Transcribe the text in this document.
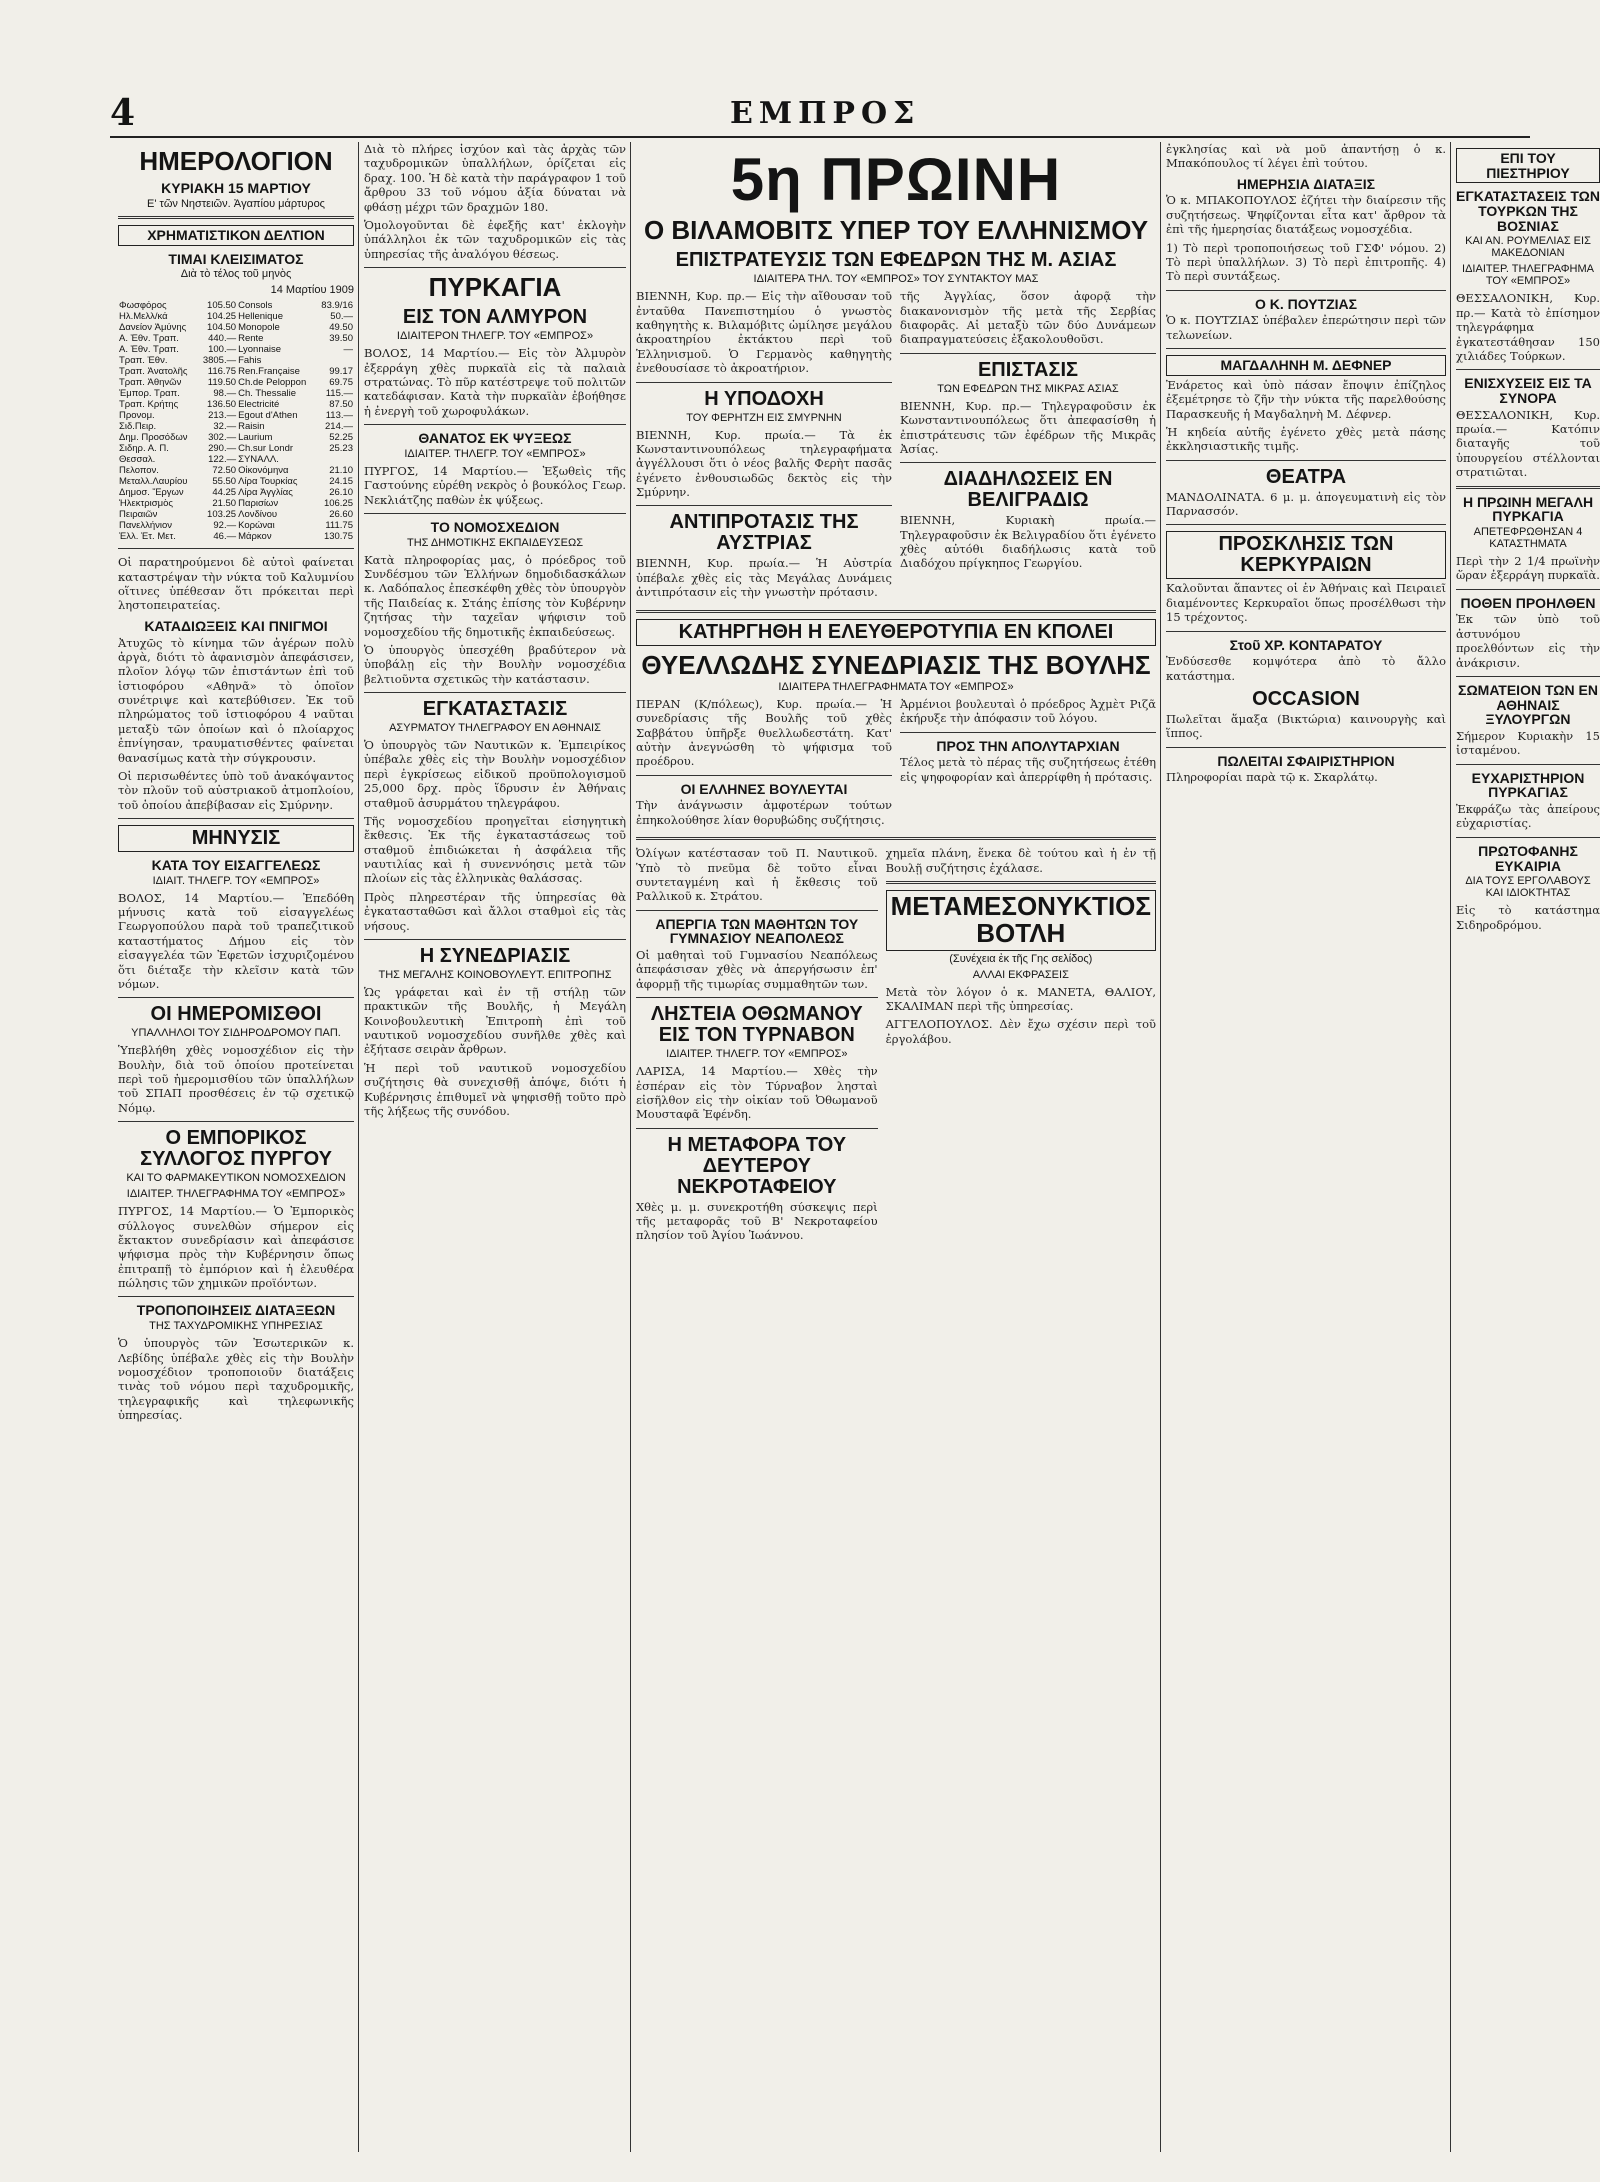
4	ΕΜΠΡΟΣ
ΗΜΕΡΟΛΟΓΙΟΝ
ΚΥΡΙΑΚΗ 15 ΜΑΡΤΙΟΥ
Ε' τῶν Νηστειῶν. Ἀγαπίου μάρτυρος
ΧΡΗΜΑΤΙΣΤΙΚΟΝ ΔΕΛΤΙΟΝ
ΤΙΜΑΙ ΚΛΕΙΣΙΜΑΤΟΣ
Διὰ τὸ τέλος τοῦ μηνὸς
14 Μαρτίου 1909
Φωσφόρος	105.50	Consols	83.9/16
Ηλ.Μελλ/κά	104.25	Hellenique	50.—
Δανείον Ἀμύνης	104.50	Monopole	49.50
Α. Ἐθν. Τραπ.	440.—	Rente	39.50
Α. Ἐθν. Τραπ.	100.—	Lyonnaise	—
Τραπ. Ἐθν.	3805.—	Fahis	
Τραπ. Ἀνατολῆς	116.75	Ren.Française	99.17
Τραπ. Ἀθηνῶν	119.50	Ch.de Peloppon	69.75
Ἐμπορ. Τραπ.	98.—	Ch. Thessalie	115.—
Τραπ. Κρήτης	136.50	Electricité	87.50
Προνομ.	213.—	Egout d'Athen	113.—
Σιδ.Πειρ.	32.—	Raisin	214.—
Δημ. Προσόδων	302.—	Laurium	52.25
Σιδηρ. Α. Π.	290.—	Ch.sur Londr	25.23
Θεσσαλ.	122.—	ΣΥΝΑΛΛ.	
Πελοπον.	72.50	Οἰκονόμηνα	21.10
Μεταλλ.Λαυρίου	55.50	Λίρα Τουρκίας	24.15
Δημοσ. Ἔργων	44.25	Λίρα Ἀγγλίας	26.10
Ἠλεκτρισμὸς	21.50	Παρισίων	106.25
Πειραιῶν	103.25	Λονδίνου	26.60
Πανελλήνιον	92.—	Κορώναι	111.75
Ἑλλ. Ἐτ. Μετ.	46.—	Μάρκον	130.75

Οἱ παρατηρούμενοι δὲ αὐτοὶ φαίνεται καταστρέψαν τὴν νύκτα τοῦ Καλυμνίου οἵτινες ὑπέθεσαν ὅτι πρόκειται περὶ ληστοπειρατείας.

ΚΑΤΑΔΙΩΞΕΙΣ ΚΑΙ ΠΝΙΓΜΟΙ

Ἀτυχῶς τὸ κίνημα τῶν ἀγέρων πολὺ ἀργὰ, διότι τὸ ἀφανισμὸν ἀπεφάσισεν, πλοῖον λόγῳ τῶν ἐπιστάντων ἐπὶ τοῦ ἱστιοφόρου «Αθηνᾶ» τὸ ὁποῖον συνέτριψε καὶ κατεβύθισεν. Ἐκ τοῦ πληρώματος τοῦ ἱστιοφόρου 4 ναῦται μεταξὺ τῶν ὁποίων καὶ ὁ πλοίαρχος ἐπνίγησαν, τραυματισθέντες φαίνεται θανασίμως κατὰ τὴν σύγκρουσιν.

Οἱ περισωθέντες ὑπὸ τοῦ ἀνακόψαντος τὸν πλοῦν τοῦ αὐστριακοῦ ἀτμοπλοίου, τοῦ ὁποίου ἀπεβίβασαν εἰς Σμύρνην.

ΜΗΝΥΣΙΣ
ΚΑΤΑ ΤΟΥ ΕΙΣΑΓΓΕΛΕΩΣ
ΙΔΙΑΙΤ. ΤΗΛΕΓΡ. ΤΟΥ «ΕΜΠΡΟΣ»

ΒΟΛΟΣ, 14 Μαρτίου.— Ἐπεδόθη μήνυσις κατὰ τοῦ εἰσαγγελέως Γεωργοπούλου παρὰ τοῦ τραπεζιτικοῦ καταστήματος Δήμου εἰς τὸν εἰσαγγελέα τῶν Ἐφετῶν ἰσχυριζομένου ὅτι διέταξε τὴν κλεῖσιν κατὰ τῶν νόμων.

ΟΙ ΗΜΕΡΟΜΙΣΘΟΙ
ΥΠΑΛΛΗΛΟΙ ΤΟΥ ΣΙΔΗΡΟΔΡΟΜΟΥ ΠΑΠ.

Ὑπεβλήθη χθὲς νομοσχέδιον εἰς τὴν Βουλὴν, διὰ τοῦ ὁποίου προτείνεται περὶ τοῦ ἡμερομισθίου τῶν ὑπαλλήλων τοῦ ΣΠΑΠ προσθέσεις ἐν τῷ σχετικῷ Νόμῳ.

Ο ΕΜΠΟΡΙΚΟΣ ΣΥΛΛΟΓΟΣ ΠΥΡΓΟΥ
ΚΑΙ ΤΟ ΦΑΡΜΑΚΕΥΤΙΚΟΝ ΝΟΜΟΣΧΕΔΙΟΝ
ΙΔΙΑΙΤΕΡ. ΤΗΛΕΓΡΑΦΗΜΑ ΤΟΥ «ΕΜΠΡΟΣ»

ΠΥΡΓΟΣ, 14 Μαρτίου.— Ὁ Ἐμπορικὸς σύλλογος συνελθὼν σήμερον εἰς ἔκτακτον συνεδρίασιν καὶ ἀπεφάσισε ψήφισμα πρὸς τὴν Κυβέρνησιν ὅπως ἐπιτραπῇ τὸ ἐμπόριον καὶ ἡ ἐλευθέρα πώλησις τῶν χημικῶν προϊόντων.

ΤΡΟΠΟΠΟΙΗΣΕΙΣ ΔΙΑΤΑΞΕΩΝ
ΤΗΣ ΤΑΧΥΔΡΟΜΙΚΗΣ ΥΠΗΡΕΣΙΑΣ

Ὁ ὑπουργὸς τῶν Ἐσωτερικῶν κ. Λεβίδης ὑπέβαλε χθὲς εἰς τὴν Βουλὴν νομοσχέδιον τροποποιοῦν διατάξεις τινὰς τοῦ νόμου περὶ ταχυδρομικῆς, τηλεγραφικῆς καὶ τηλεφωνικῆς ὑπηρεσίας.

Διὰ τὸ πλήρες ἰσχύον καὶ τὰς ἀρχὰς τῶν ταχυδρομικῶν ὑπαλλήλων, ὁρίζεται εἰς δραχ. 100. Ἡ δὲ κατὰ τὴν παράγραφον 1 τοῦ ἄρθρου 33 τοῦ νόμου ἀξία δύναται νὰ φθάσῃ μέχρι τῶν δραχμῶν 180.

Ὁμολογοῦνται δὲ ἐφεξῆς κατ' ἐκλογὴν ὑπάλληλοι ἐκ τῶν ταχυδρομικῶν εἰς τὰς ὑπηρεσίας τῆς ἀναλόγου θέσεως.

ΠΥΡΚΑΓΙΑ
ΕΙΣ ΤΟΝ ΑΛΜΥΡΟΝ
ΙΔΙΑΙΤΕΡΟΝ ΤΗΛΕΓΡ. ΤΟΥ «ΕΜΠΡΟΣ»

ΒΟΛΟΣ, 14 Μαρτίου.— Εἰς τὸν Ἀλμυρὸν ἐξερράγη χθὲς πυρκαϊὰ εἰς τὰ παλαιὰ στρατώνας. Τὸ πῦρ κατέστρεψε τοῦ πολιτῶν κατεδάφισαν. Κατὰ τὴν πυρκαϊὰν ἐβοήθησε ἡ ἐνεργὴ τοῦ χωροφυλάκων.

ΘΑΝΑΤΟΣ ΕΚ ΨΥΞΕΩΣ
ΙΔΙΑΙΤΕΡ. ΤΗΛΕΓΡ. ΤΟΥ «ΕΜΠΡΟΣ»

ΠΥΡΓΟΣ, 14 Μαρτίου.— Ἐξωθεὶς τῆς Γαστούνης εὑρέθη νεκρὸς ὁ βουκόλος Γεωρ. Νεκλιάτζης παθὼν ἐκ ψύξεως.

ΤΟ ΝΟΜΟΣΧΕΔΙΟΝ
ΤΗΣ ΔΗΜΟΤΙΚΗΣ ΕΚΠΑΙΔΕΥΣΕΩΣ

Κατὰ πληροφορίας μας, ὁ πρόεδρος τοῦ Συνδέσμου τῶν Ἑλλήνων δημοδιδασκάλων κ. Λαδόπαλος ἐπεσκέφθη χθὲς τὸν ὑπουργὸν τῆς Παιδείας κ. Στάης ἐπίσης τὸν Κυβέρνην ζητήσας τὴν ταχεῖαν ψήφισιν τοῦ νομοσχεδίου τῆς δημοτικῆς ἐκπαιδεύσεως.

Ὁ ὑπουργὸς ὑπεσχέθη βραδύτερον νὰ ὑποβάλῃ εἰς τὴν Βουλὴν νομοσχέδια βελτιοῦντα σχετικῶς τὴν κατάστασιν.

ΕΓΚΑΤΑΣΤΑΣΙΣ
ΑΣΥΡΜΑΤΟΥ ΤΗΛΕΓΡΑΦΟΥ ΕΝ ΑΘΗΝΑΙΣ

Ὁ ὑπουργὸς τῶν Ναυτικῶν κ. Ἐμπειρίκος ὑπέβαλε χθὲς εἰς τὴν Βουλὴν νομοσχέδιον περὶ ἐγκρίσεως εἰδικοῦ προϋπολογισμοῦ 25,000 δρχ. πρὸς ἵδρυσιν ἐν Ἀθήναις σταθμοῦ ἀσυρμάτου τηλεγράφου.

Τῆς νομοσχεδίου προηγεῖται εἰσηγητικὴ ἔκθεσις. Ἐκ τῆς ἐγκαταστάσεως τοῦ σταθμοῦ ἐπιδιώκεται ἡ ἀσφάλεια τῆς ναυτιλίας καὶ ἡ συνεννόησις μετὰ τῶν πλοίων εἰς τὰς ἑλληνικὰς θαλάσσας.

Πρὸς πληρεστέραν τῆς ὑπηρεσίας θὰ ἐγκατασταθῶσι καὶ ἄλλοι σταθμοὶ εἰς τὰς νήσους.

Η ΣΥΝΕΔΡΙΑΣΙΣ
ΤΗΣ ΜΕΓΑΛΗΣ ΚΟΙΝΟΒΟΥΛΕΥΤ. ΕΠΙΤΡΟΠΗΣ

Ὡς γράφεται καὶ ἐν τῇ στήλῃ τῶν πρακτικῶν τῆς Βουλῆς, ἡ Μεγάλη Κοινοβουλευτικὴ Ἐπιτροπὴ ἐπὶ τοῦ ναυτικοῦ νομοσχεδίου συνῆλθε χθὲς καὶ ἐξήτασε σειρὰν ἄρθρων.

Ἡ περὶ τοῦ ναυτικοῦ νομοσχεδίου συζήτησις θὰ συνεχισθῇ ἀπόψε, διότι ἡ Κυβέρνησις ἐπιθυμεῖ νὰ ψηφισθῇ τοῦτο πρὸ τῆς λήξεως τῆς συνόδου.

5η ΠΡΩΙΝΗ
Ο ΒΙΛΑΜΟΒΙΤΣ ΥΠΕΡ ΤΟΥ ΕΛΛΗΝΙΣΜΟΥ
ΕΠΙΣΤΡΑΤΕΥΣΙΣ ΤΩΝ ΕΦΕΔΡΩΝ ΤΗΣ Μ. ΑΣΙΑΣ
ΙΔΙΑΙΤΕΡΑ ΤΗΛ. ΤΟΥ «ΕΜΠΡΟΣ» ΤΟΥ ΣΥΝΤΑΚΤΟΥ ΜΑΣ

ΒΙΕΝΝΗ, Κυρ. πρ.— Εἰς τὴν αἴθουσαν τοῦ ἐνταῦθα Πανεπιστημίου ὁ γνωστὸς καθηγητὴς κ. Βιλαμόβιτς ὡμίλησε μεγάλου ἀκροατηρίου ἐκτάκτου περὶ τοῦ Ἑλληνισμοῦ. Ὁ Γερμανὸς καθηγητὴς ἐνεθουσίασε τὸ ἀκροατήριον.

Η ΥΠΟΔΟΧΗ
ΤΟΥ ΦΕΡΗΤΖΗ ΕΙΣ ΣΜΥΡΝΗΝ

ΒΙΕΝΝΗ, Κυρ. πρωία.— Τὰ ἐκ Κωνσταντινουπόλεως τηλεγραφήματα ἀγγέλλουσι ὅτι ὁ νέος βαλῆς Φερὴτ πασᾶς ἐγένετο ἐνθουσιωδῶς δεκτὸς εἰς τὴν Σμύρνην.

ΑΝΤΙΠΡΟΤΑΣΙΣ ΤΗΣ ΑΥΣΤΡΙΑΣ

ΒΙΕΝΝΗ, Κυρ. πρωία.— Ἡ Αὐστρία ὑπέβαλε χθὲς εἰς τὰς Μεγάλας Δυνάμεις ἀντιπρότασιν εἰς τὴν γνωστὴν πρότασιν.

τῆς Ἀγγλίας, ὅσον ἀφορᾷ τὴν διακανονισμὸν τῆς μετὰ τῆς Σερβίας διαφορᾶς. Αἱ μεταξὺ τῶν δύο Δυνάμεων διαπραγματεύσεις ἐξακολουθοῦσι.

ΕΠΙΣΤΑΣΙΣ
ΤΩΝ ΕΦΕΔΡΩΝ ΤΗΣ ΜΙΚΡΑΣ ΑΣΙΑΣ

ΒΙΕΝΝΗ, Κυρ. πρ.— Τηλεγραφοῦσιν ἐκ Κωνσταντινουπόλεως ὅτι ἀπεφασίσθη ἡ ἐπιστράτευσις τῶν ἐφέδρων τῆς Μικρᾶς Ἀσίας.

ΔΙΑΔΗΛΩΣΕΙΣ ΕΝ ΒΕΛΙΓΡΑΔΙΩ

ΒΙΕΝΝΗ, Κυριακὴ πρωία.— Τηλεγραφοῦσιν ἐκ Βελιγραδίου ὅτι ἐγένετο χθὲς αὐτόθι διαδήλωσις κατὰ τοῦ Διαδόχου πρίγκηπος Γεωργίου.

ΚΑΤΗΡΓΗΘΗ Η ΕΛΕΥΘΕΡΟΤΥΠΙΑ ΕΝ ΚΠΟΛΕΙ
ΘΥΕΛΛΩΔΗΣ ΣΥΝΕΔΡΙΑΣΙΣ ΤΗΣ ΒΟΥΛΗΣ
ΙΔΙΑΙΤΕΡΑ ΤΗΛΕΓΡΑΦΗΜΑΤΑ ΤΟΥ «ΕΜΠΡΟΣ»

ΠΕΡΑΝ (Κ/πόλεως), Κυρ. πρωία.— Ἡ συνεδρίασις τῆς Βουλῆς τοῦ χθὲς Σαββάτου ὑπῆρξε θυελλωδεστάτη. Κατ' αὐτὴν ἀνεγνώσθη τὸ ψήφισμα τοῦ προέδρου.

ΟΙ ΕΛΛΗΝΕΣ ΒΟΥΛΕΥΤΑΙ

Τὴν ἀνάγνωσιν ἀμφοτέρων τούτων ἐπηκολούθησε λίαν θορυβώδης συζήτησις.

Ἀρμένιοι βουλευταὶ ὁ πρόεδρος Ἀχμὲτ Ριζᾶ ἐκήρυξε τὴν ἀπόφασιν τοῦ λόγου.

ΠΡΟΣ ΤΗΝ ΑΠΟΛΥΤΑΡΧΙΑΝ

Τέλος μετὰ τὸ πέρας τῆς συζητήσεως ἐτέθη εἰς ψηφοφορίαν καὶ ἀπερρίφθη ἡ πρότασις.

Ὀλίγων κατέστασαν τοῦ Π. Ναυτικοῦ. Ὑπὸ τὸ πνεῦμα δὲ τοῦτο εἶναι συντεταγμένη καὶ ἡ ἔκθεσις τοῦ Ραλλικοῦ κ. Στράτου.

ΑΠΕΡΓΙΑ ΤΩΝ ΜΑΘΗΤΩΝ ΤΟΥ ΓΥΜΝΑΣΙΟΥ ΝΕΑΠΟΛΕΩΣ

Οἱ μαθηταὶ τοῦ Γυμνασίου Νεαπόλεως ἀπεφάσισαν χθὲς νὰ ἀπεργήσωσιν ἐπ' ἀφορμῇ τῆς τιμωρίας συμμαθητῶν των.

ΛΗΣΤΕΙΑ ΟΘΩΜΑΝΟΥ ΕΙΣ ΤΟΝ ΤΥΡΝΑΒΟΝ
ΙΔΙΑΙΤΕΡ. ΤΗΛΕΓΡ. ΤΟΥ «ΕΜΠΡΟΣ»

ΛΑΡΙΣΑ, 14 Μαρτίου.— Χθὲς τὴν ἑσπέραν εἰς τὸν Τύρναβον λησταὶ εἰσῆλθον εἰς τὴν οἰκίαν τοῦ Ὀθωμανοῦ Μουσταφᾶ Ἐφένδη.

Η ΜΕΤΑΦΟΡΑ ΤΟΥ ΔΕΥΤΕΡΟΥ ΝΕΚΡΟΤΑΦΕΙΟΥ

Χθὲς μ. μ. συνεκροτήθη σύσκεψις περὶ τῆς μεταφορᾶς τοῦ Β' Νεκροταφείου πλησίον τοῦ Ἀγίου Ἰωάννου.

χημεῖα πλάνη, ἕνεκα δὲ τούτου καὶ ἡ ἐν τῇ Βουλῇ συζήτησις ἐχάλασε.

ΜΕΤΑΜΕΣΟΝΥΚΤΙΟΣ ΒΟΤΛΗ
(Συνέχεια ἐκ τῆς Γης σελίδος)
ΑΛΛΑΙ ΕΚΦΡΑΣΕΙΣ

Μετὰ τὸν λόγον ὁ κ. ΜΑΝΕΤΑ, ΘΑΛΙΟΥ, ΣΚΑΛΙΜΑΝ περὶ τῆς ὑπηρεσίας.

ΑΓΓΕΛΟΠΟΥΛΟΣ. Δὲν ἔχω σχέσιν περὶ τοῦ ἐργολάβου.

ἐγκλησίας καὶ νὰ μοῦ ἀπαντήσῃ ὁ κ. Μπακόπουλος τί λέγει ἐπὶ τούτου.

ΗΜΕΡΗΣΙΑ ΔΙΑΤΑΞΙΣ

Ὁ κ. ΜΠΑΚΟΠΟΥΛΟΣ ἐζήτει τὴν διαίρεσιν τῆς συζητήσεως. Ψηφίζονται εἶτα κατ' ἄρθρον τὰ ἐπὶ τῆς ἡμερησίας διατάξεως νομοσχέδια.

1) Τὸ περὶ τροποποιήσεως τοῦ ΓΣΦ' νόμου. 2) Τὸ περὶ ὑπαλλήλων. 3) Τὸ περὶ ἐπιτροπῆς. 4) Τὸ περὶ συντάξεως.

Ο Κ. ΠΟΥΤΖΙΑΣ

Ὁ κ. ΠΟΥΤΖΙΑΣ ὑπέβαλεν ἐπερώτησιν περὶ τῶν τελωνείων.

ΜΑΓΔΑΛΗΝΗ Μ. ΔΕΦΝΕΡ

Ἐνάρετος καὶ ὑπὸ πάσαν ἔποψιν ἐπίζηλος ἐξεμέτρησε τὸ ζῆν τὴν νύκτα τῆς παρελθούσης Παρασκευῆς ἡ Μαγδαληνὴ Μ. Δέφνερ.

Ἡ κηδεία αὐτῆς ἐγένετο χθὲς μετὰ πάσης ἐκκλησιαστικῆς τιμῆς.

ΘΕΑΤΡΑ

ΜΑΝΔΟΛΙΝΑΤΑ. 6 μ. μ. ἀπογευματινὴ εἰς τὸν Παρνασσόν.

ΠΡΟΣΚΛΗΣΙΣ ΤΩΝ ΚΕΡΚΥΡΑΙΩΝ

Καλοῦνται ἅπαντες οἱ ἐν Ἀθήναις καὶ Πειραιεῖ διαμένοντες Κερκυραῖοι ὅπως προσέλθωσι τὴν 15 τρέχοντος.

Στοῦ ΧΡ. ΚΟΝΤΑΡΑΤΟΥ

Ἐνδύσεσθε κομψότερα ἀπὸ τὸ ἄλλο κατάστημα.

OCCASION

Πωλεῖται ἅμαξα (Βικτώρια) καινουργὴς καὶ ἵππος.

ΠΩΛΕΙΤΑΙ ΣΦΑΙΡΙΣΤΗΡΙΟΝ

Πληροφορίαι παρὰ τῷ κ. Σκαρλάτῳ.

ΕΠΙ ΤΟΥ ΠΙΕΣΤΗΡΙΟΥ
ΕΓΚΑΤΑΣΤΑΣΕΙΣ ΤΩΝ ΤΟΥΡΚΩΝ ΤΗΣ ΒΟΣΝΙΑΣ
ΚΑΙ ΑΝ. ΡΟΥΜΕΛΙΑΣ ΕΙΣ ΜΑΚΕΔΟΝΙΑΝ
ΙΔΙΑΙΤΕΡ. ΤΗΛΕΓΡΑΦΗΜΑ ΤΟΥ «ΕΜΠΡΟΣ»

ΘΕΣΣΑΛΟΝΙΚΗ, Κυρ. πρ.— Κατὰ τὸ ἐπίσημον τηλεγράφημα ἐγκατεστάθησαν 150 χιλιάδες Τούρκων.

ΕΝΙΣΧΥΣΕΙΣ ΕΙΣ ΤΑ ΣΥΝΟΡΑ

ΘΕΣΣΑΛΟΝΙΚΗ, Κυρ. πρωία.— Κατόπιν διαταγῆς τοῦ ὑπουργείου στέλλονται στρατιῶται.

Η ΠΡΩΙΝΗ ΜΕΓΑΛΗ ΠΥΡΚΑΓΙΑ
ΑΠΕΤΕΦΡΩΘΗΣΑΝ 4 ΚΑΤΑΣΤΗΜΑΤΑ

Περὶ τὴν 2 1/4 πρωϊνὴν ὥραν ἐξερράγη πυρκαϊὰ.

ΠΟΘΕΝ ΠΡΟΗΛΘΕΝ

Ἐκ τῶν ὑπὸ τοῦ ἀστυνόμου προελθόντων εἰς τὴν ἀνάκρισιν.

ΣΩΜΑΤΕΙΟΝ ΤΩΝ ΕΝ ΑΘΗΝΑΙΣ ΞΥΛΟΥΡΓΩΝ

Σήμερον Κυριακὴν 15 ἰσταμένου.

ΕΥΧΑΡΙΣΤΗΡΙΟΝ ΠΥΡΚΑΓΙΑΣ

Ἐκφράζω τὰς ἀπείρους εὐχαριστίας.

ΠΡΩΤΟΦΑΝΗΣ ΕΥΚΑΙΡΙΑ
ΔΙΑ ΤΟΥΣ ΕΡΓΟΛΑΒΟΥΣ ΚΑΙ ΙΔΙΟΚΤΗΤΑΣ

Εἰς τὸ κατάστημα Σιδηροδρόμου.
